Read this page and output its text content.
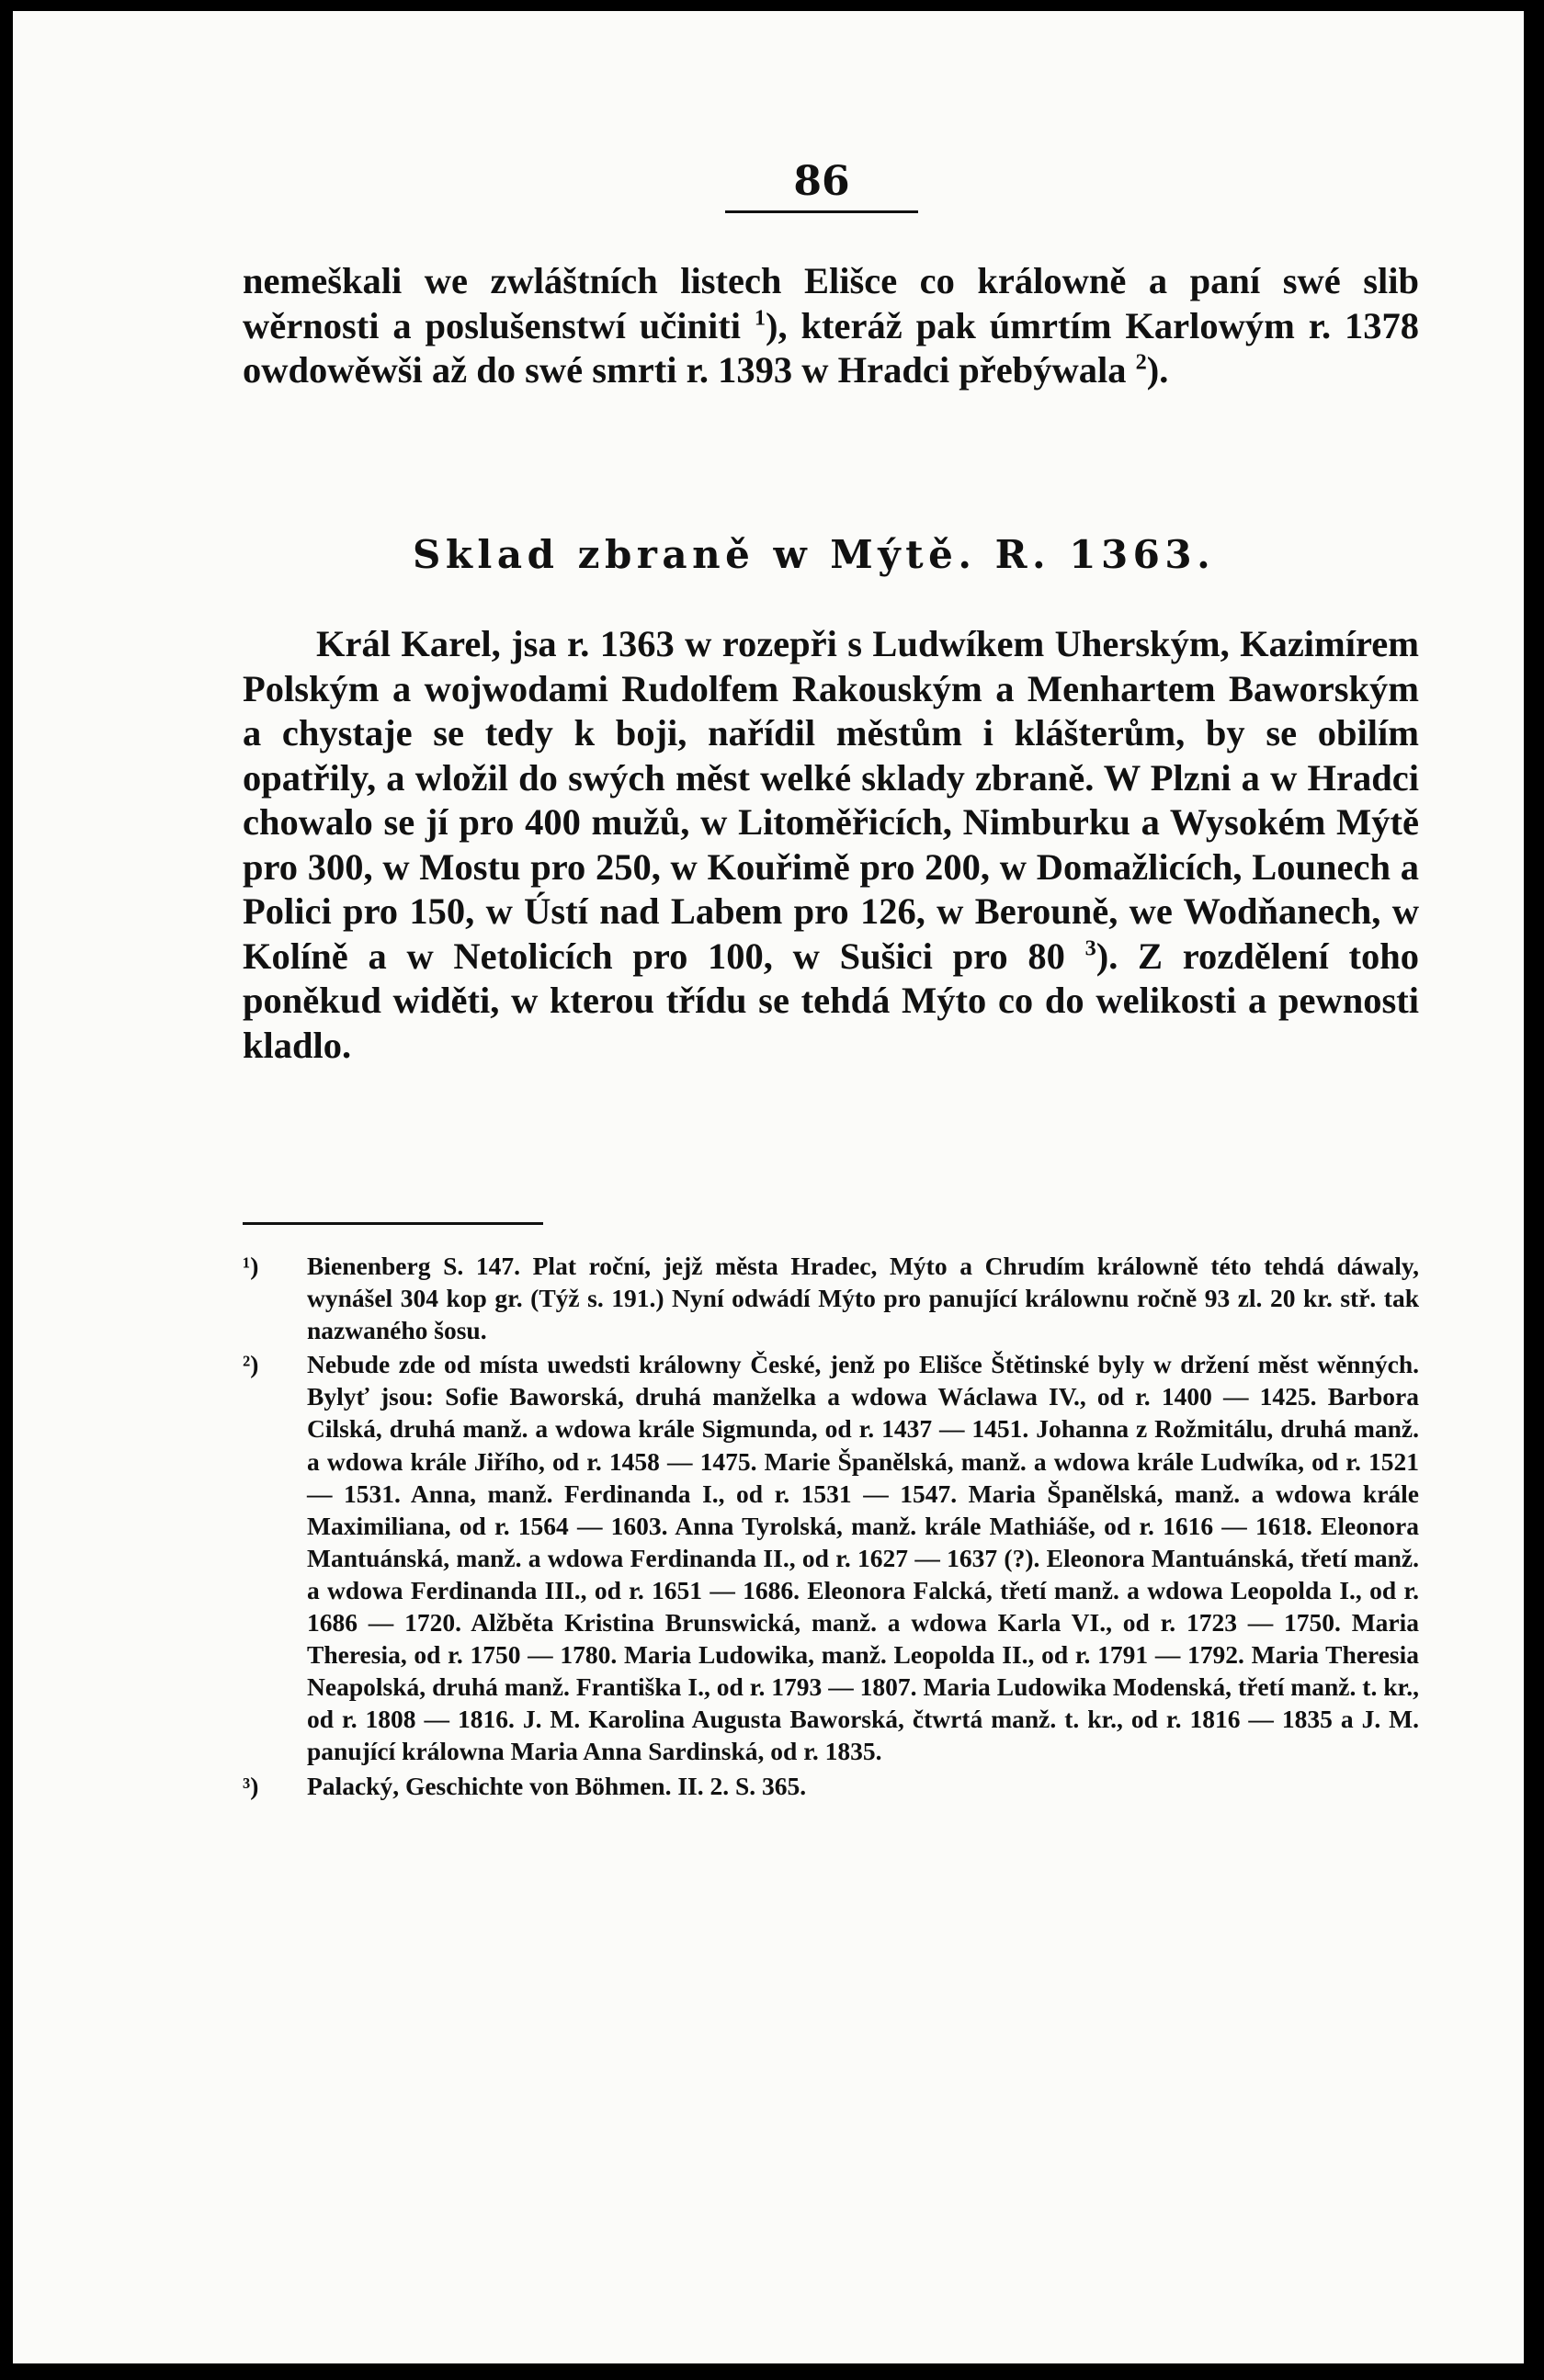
86

nemeškali we zwláštních listech Elišce co králowně a paní swé slib wěrnosti a poslušenstwí učiniti $^1$), kteráž pak úmrtím Karlowým r. 1378 owdowěwši až do swé smrti r. 1393 w Hradci přebýwala $^2$).

Sklad zbraně w Mýtě. R. 1363.

Král Karel, jsa r. 1363 w rozepři s Ludwíkem Uherským, Kazimírem Polským a wojwodami Rudolfem Rakouským a Menhartem Baworským a chystaje se tedy k boji, nařídil městům i klášterům, by se obilím opatřily, a wložil do swých měst welké sklady zbraně. W Plzni a w Hradci chowalo se jí pro 400 mužů, w Litoměřicích, Nimburku a Wysokém Mýtě pro 300, w Mostu pro 250, w Kouřimě pro 200, w Domažlicích, Lounech a Polici pro 150, w Ústí nad Labem pro 126, w Berouně, we Wodňanech, w Kolíně a w Netolicích pro 100, w Sušici pro 80 $^3$). Z rozdělení toho poněkud widěti, w kterou třídu se tehdá Mýto co do welikosti a pewnosti kladlo.

¹)	Bienenberg S. 147. Plat roční, jejž města Hradec, Mýto a Chrudím králowně této tehdá dáwaly, wynášel 304 kop gr. (Týž s. 191.) Nyní odwádí Mýto pro panující králownu ročně 93 zl. 20 kr. stř. tak nazwaného šosu.
²)	Nebude zde od místa uwedsti králowny České, jenž po Elišce Štětinské byly w držení měst wěnných. Bylyť jsou: Sofie Baworská, druhá manželka a wdowa Wáclawa IV., od r. 1400 — 1425. Barbora Cilská, druhá manž. a wdowa krále Sigmunda, od r. 1437 — 1451. Johanna z Rožmitálu, druhá manž. a wdowa krále Jiřího, od r. 1458 — 1475. Marie Španělská, manž. a wdowa krále Ludwíka, od r. 1521 — 1531. Anna, manž. Ferdinanda I., od r. 1531 — 1547. Maria Španělská, manž. a wdowa krále Maximiliana, od r. 1564 — 1603. Anna Tyrolská, manž. krále Mathiáše, od r. 1616 — 1618. Eleonora Mantuánská, manž. a wdowa Ferdinanda II., od r. 1627 — 1637 (?). Eleonora Mantuánská, třetí manž. a wdowa Ferdinanda III., od r. 1651 — 1686. Eleonora Falcká, třetí manž. a wdowa Leopolda I., od r. 1686 — 1720. Alžběta Kristina Brunswická, manž. a wdowa Karla VI., od r. 1723 — 1750. Maria Theresia, od r. 1750 — 1780. Maria Ludowika, manž. Leopolda II., od r. 1791 — 1792. Maria Theresia Neapolská, druhá manž. Františka I., od r. 1793 — 1807. Maria Ludowika Modenská, třetí manž. t. kr., od r. 1808 — 1816. J. M. Karolina Augusta Baworská, čtwrtá manž. t. kr., od r. 1816 — 1835 a J. M. panující králowna Maria Anna Sardinská, od r. 1835.
³)	Palacký, Geschichte von Böhmen. II. 2. S. 365.
